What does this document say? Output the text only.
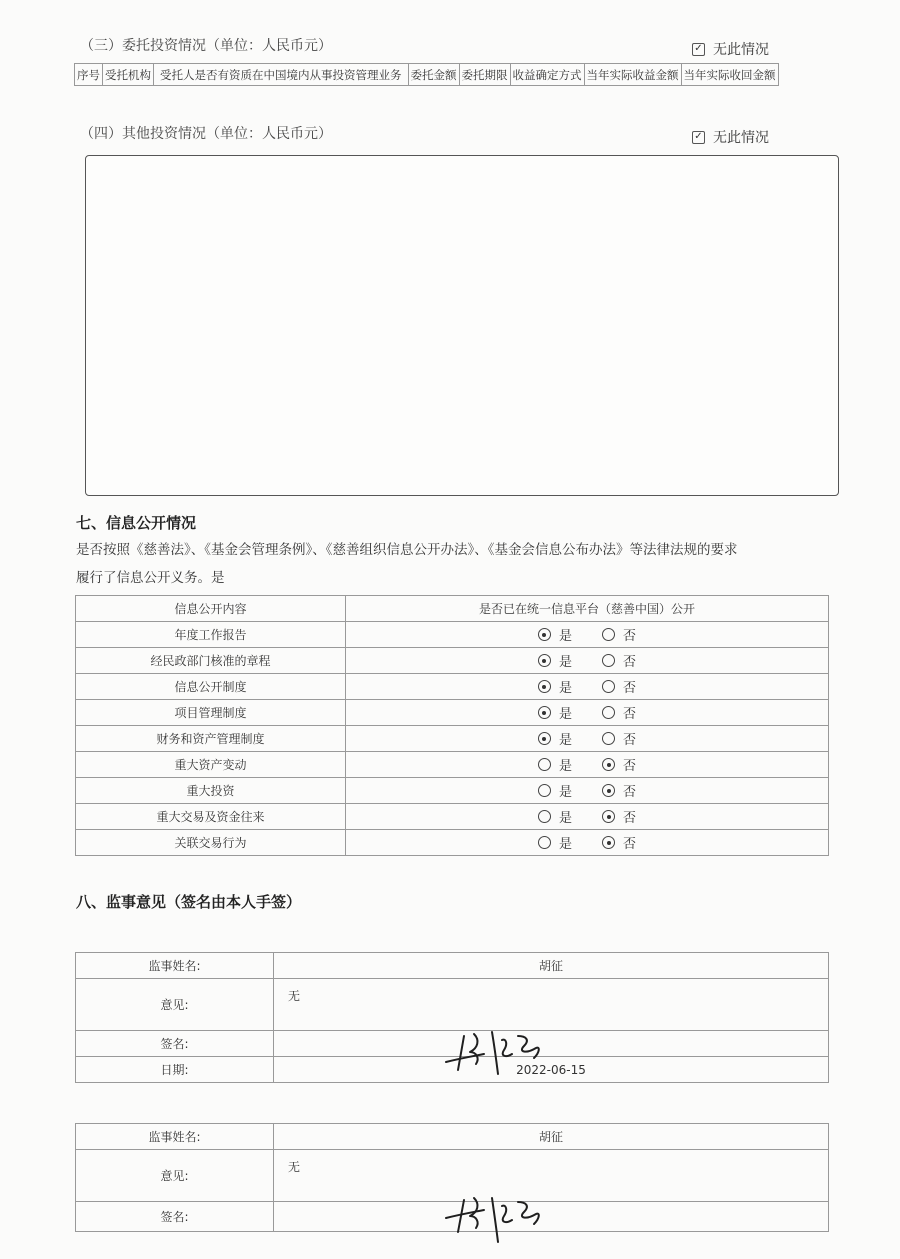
（三）委托投资情况（单位：人民币元）	✓ 无此情况
序号	受托机构	受托人是否有资质在中国境内从事投资管理业务	委托金额	委托期限	收益确定方式	当年实际收益金额	当年实际收回金额
（四）其他投资情况（单位：人民币元）	✓ 无此情况
七、信息公开情况
是否按照《慈善法》、《基金会管理条例》、《慈善组织信息公开办法》、《基金会信息公布办法》等法律法规的要求
履行了信息公开义务。是
信息公开内容	是否已在统一信息平台（慈善中国）公开
年度工作报告	是 否

经民政部门核准的章程	是 否

信息公开制度	是 否

项目管理制度	是 否

财务和资产管理制度	是 否

重大资产变动	是 否

重大投资	是 否

重大交易及资金往来	是 否

关联交易行为	是 否
八、监事意见（签名由本人手签）
监事姓名:	胡征
意见:	无
签名:	
日期:	2022-06-15
监事姓名:	胡征
意见:	无
签名:	
